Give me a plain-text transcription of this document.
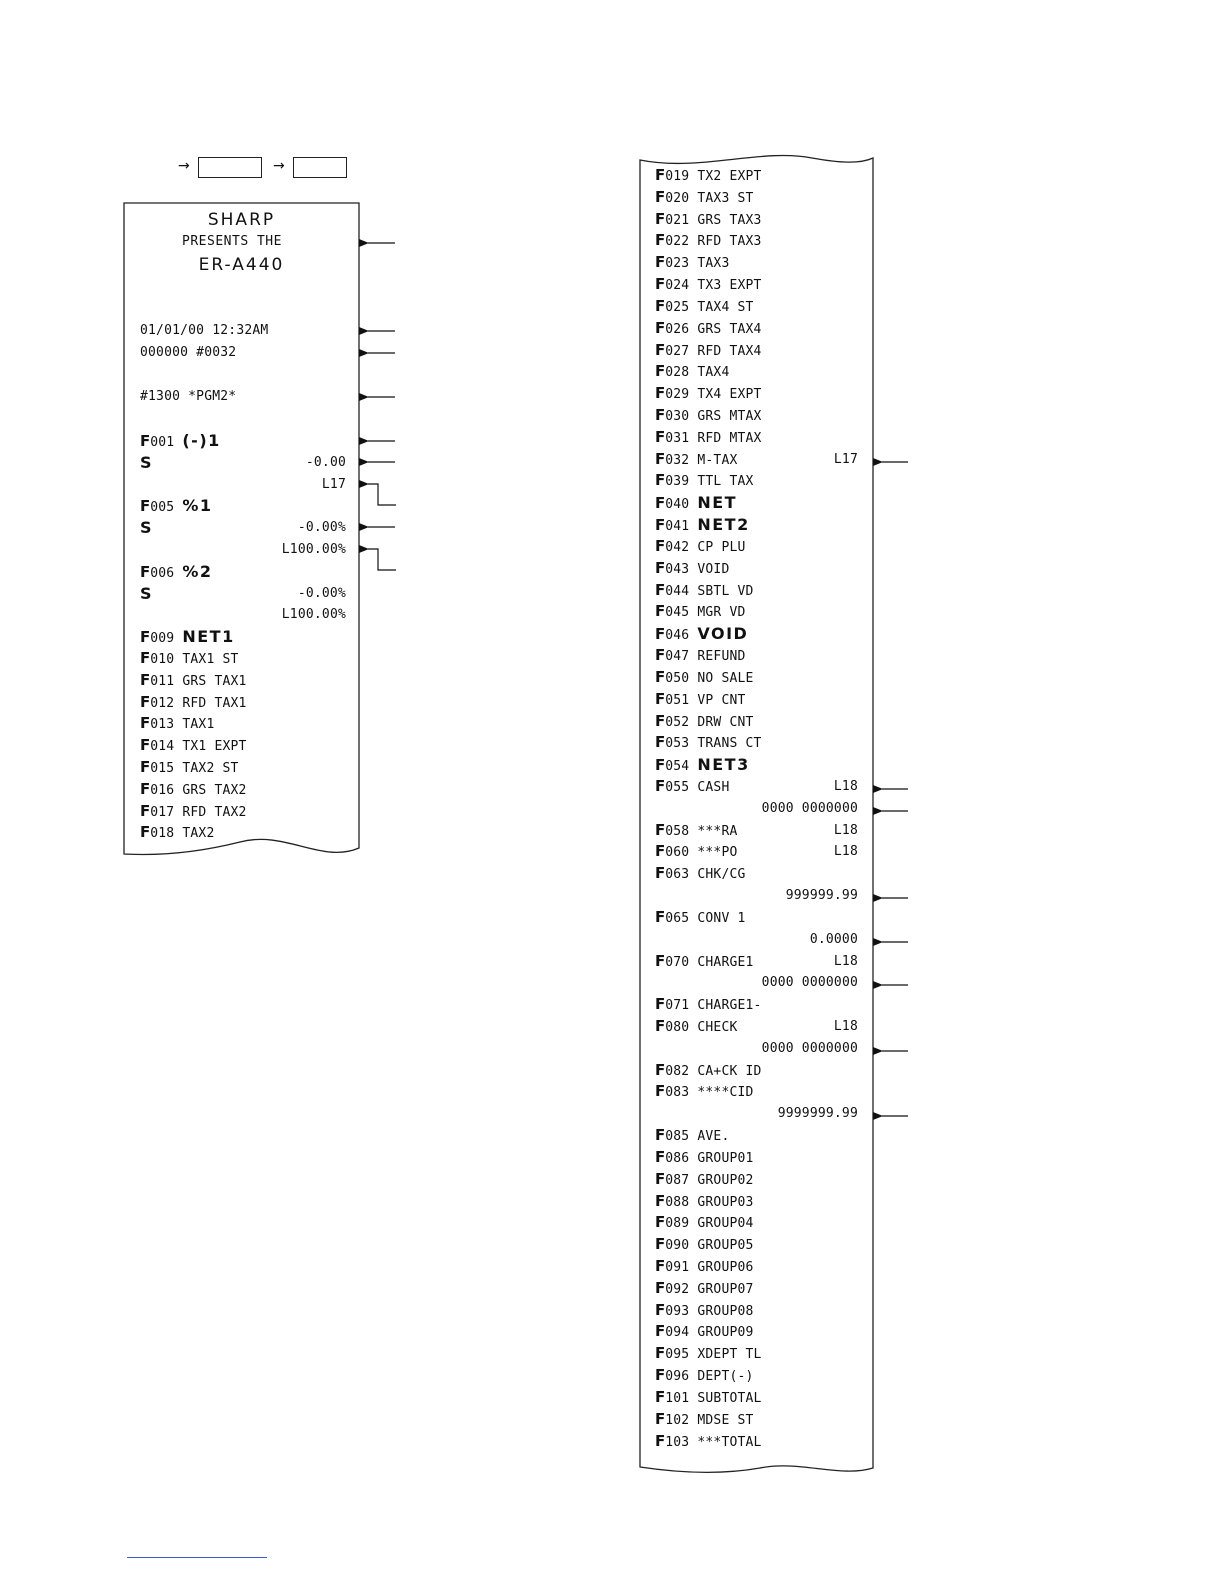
→	→
SHARP
PRESENTS THE
ER-A440
01/01/00 12:32AM
000000 #0032
#1300 *PGM2*
F001 (-)1
S	-0.00
L17
F005 %1
S	-0.00%
L100.00%
F006 %2
S	-0.00%
L100.00%
F009 NET1
F010 TAX1 ST
F011 GRS TAX1
F012 RFD TAX1
F013 TAX1
F014 TX1 EXPT
F015 TAX2 ST
F016 GRS TAX2
F017 RFD TAX2
F018 TAX2
F019 TX2 EXPT
F020 TAX3 ST
F021 GRS TAX3
F022 RFD TAX3
F023 TAX3
F024 TX3 EXPT
F025 TAX4 ST
F026 GRS TAX4
F027 RFD TAX4
F028 TAX4
F029 TX4 EXPT
F030 GRS MTAX
F031 RFD MTAX
F032 M-TAX	L17
F039 TTL TAX
F040 NET
F041 NET2
F042 CP PLU
F043 VOID
F044 SBTL VD
F045 MGR VD
F046 VOID
F047 REFUND
F050 NO SALE
F051 VP CNT
F052 DRW CNT
F053 TRANS CT
F054 NET3
F055 CASH	L18
0000 0000000
F058 ***RA	L18
F060 ***PO	L18
F063 CHK/CG
999999.99
F065 CONV 1
0.0000
F070 CHARGE1	L18
0000 0000000
F071 CHARGE1-
F080 CHECK	L18
0000 0000000
F082 CA+CK ID
F083 ****CID
9999999.99
F085 AVE.
F086 GROUP01
F087 GROUP02
F088 GROUP03
F089 GROUP04
F090 GROUP05
F091 GROUP06
F092 GROUP07
F093 GROUP08
F094 GROUP09
F095 XDEPT TL
F096 DEPT(-)
F101 SUBTOTAL
F102 MDSE ST
F103 ***TOTAL
